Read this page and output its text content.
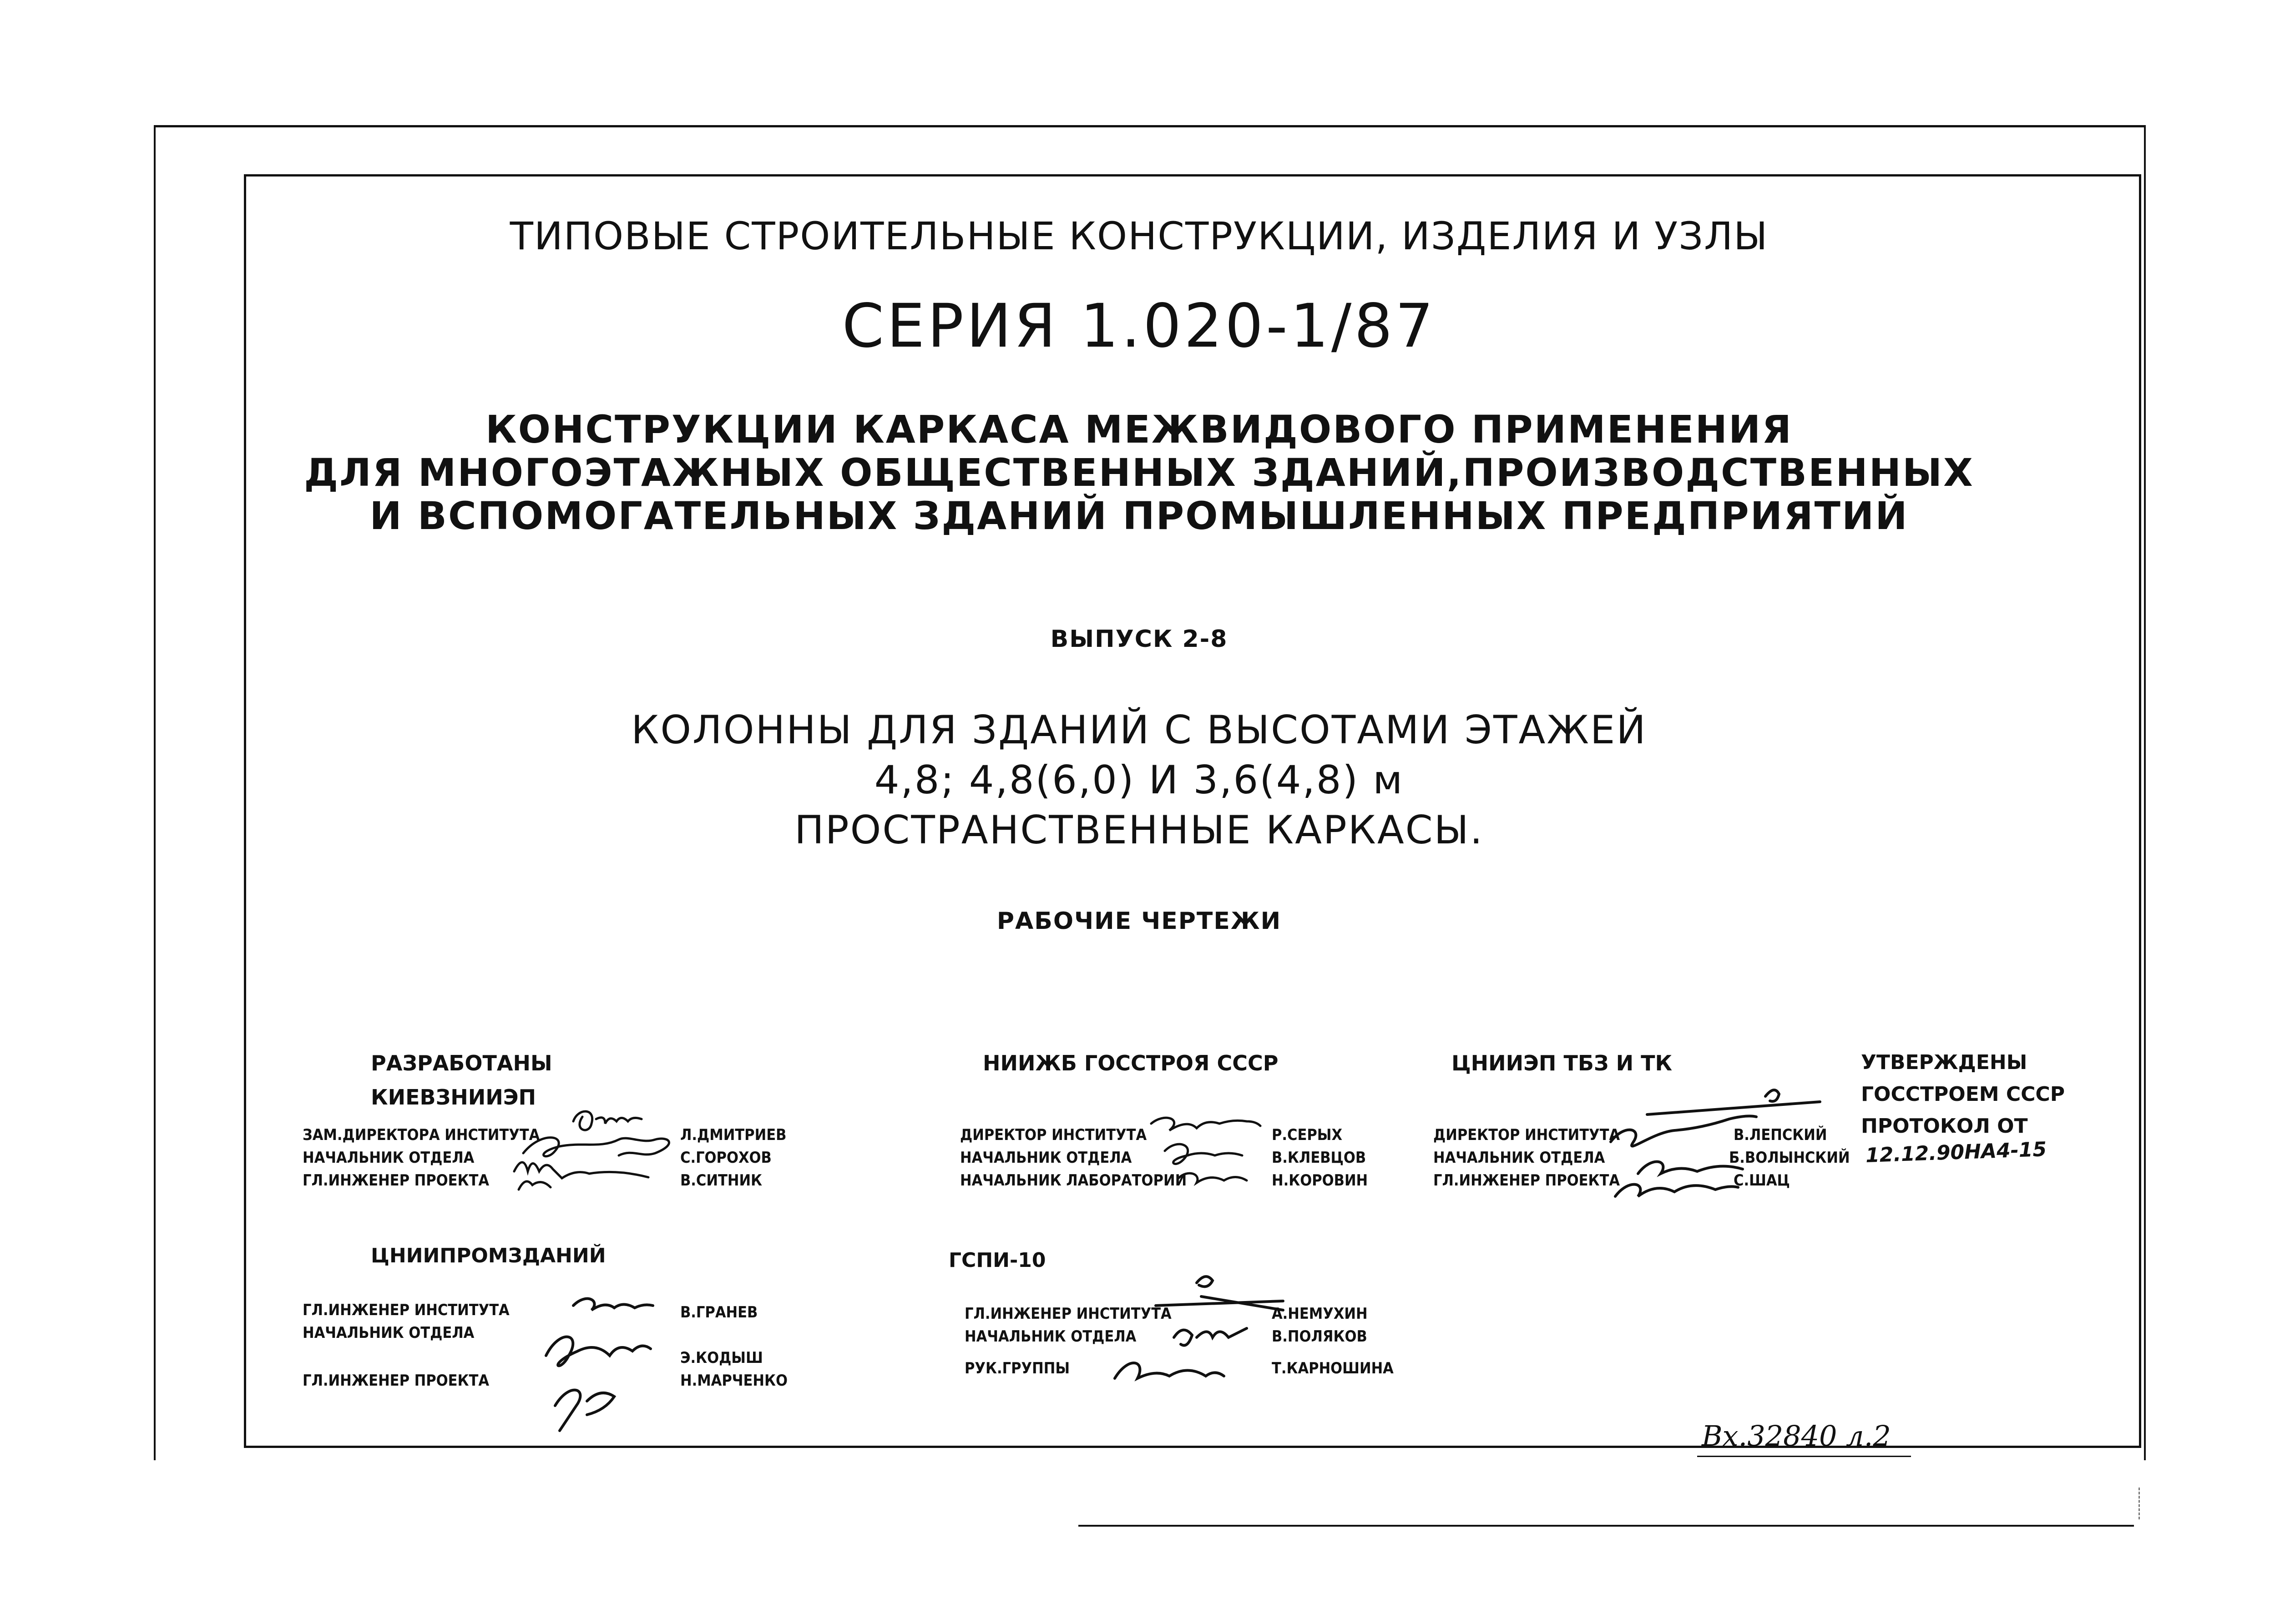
ТИПОВЫЕ СТРОИТЕЛЬНЫЕ КОНСТРУКЦИИ, ИЗДЕЛИЯ И УЗЛЫ
СЕРИЯ 1.020-1/87
КОНСТРУКЦИИ КАРКАСА МЕЖВИДОВОГО ПРИМЕНЕНИЯ
ДЛЯ МНОГОЭТАЖНЫХ ОБЩЕСТВЕННЫХ ЗДАНИЙ,ПРОИЗВОДСТВЕННЫХ
И ВСПОМОГАТЕЛЬНЫХ ЗДАНИЙ ПРОМЫШЛЕННЫХ ПРЕДПРИЯТИЙ
ВЫПУСК 2-8
КОЛОННЫ ДЛЯ ЗДАНИЙ С ВЫСОТАМИ ЭТАЖЕЙ
4,8; 4,8(6,0) И 3,6(4,8) м
ПРОСТРАНСТВЕННЫЕ КАРКАСЫ.
РАБОЧИЕ ЧЕРТЕЖИ
РАЗРАБОТАНЫ
КИЕВЗНИИЭП
ЗАМ.ДИРЕКТОРА ИНСТИТУТА
НАЧАЛЬНИК ОТДЕЛА
ГЛ.ИНЖЕНЕР ПРОЕКТА
Л.ДМИТРИЕВ
С.ГОРОХОВ
В.СИТНИК
НИИЖБ ГОССТРОЯ СССР
ДИРЕКТОР ИНСТИТУТА
НАЧАЛЬНИК ОТДЕЛА
НАЧАЛЬНИК ЛАБОРАТОРИИ
Р.СЕРЫХ
В.КЛЕВЦОВ
Н.КОРОВИН
ЦНИИЭП ТБЗ И ТК
ДИРЕКТОР ИНСТИТУТА
НАЧАЛЬНИК ОТДЕЛА
ГЛ.ИНЖЕНЕР ПРОЕКТА
В.ЛЕПСКИЙ
Б.ВОЛЫНСКИЙ
С.ШАЦ
УТВЕРЖДЕНЫ
ГОССТРОЕМ СССР
ПРОТОКОЛ ОТ
12.12.90НА4-15
ЦНИИПРОМЗДАНИЙ
ГЛ.ИНЖЕНЕР ИНСТИТУТА
НАЧАЛЬНИК ОТДЕЛА
ГЛ.ИНЖЕНЕР ПРОЕКТА
В.ГРАНЕВ
Э.КОДЫШ
Н.МАРЧЕНКО
ГСПИ-10
ГЛ.ИНЖЕНЕР ИНСТИТУТА
НАЧАЛЬНИК ОТДЕЛА
РУК.ГРУППЫ
А.НЕМУХИН
В.ПОЛЯКОВ
Т.КАРНОШИНА
Вх.32840 л.2
